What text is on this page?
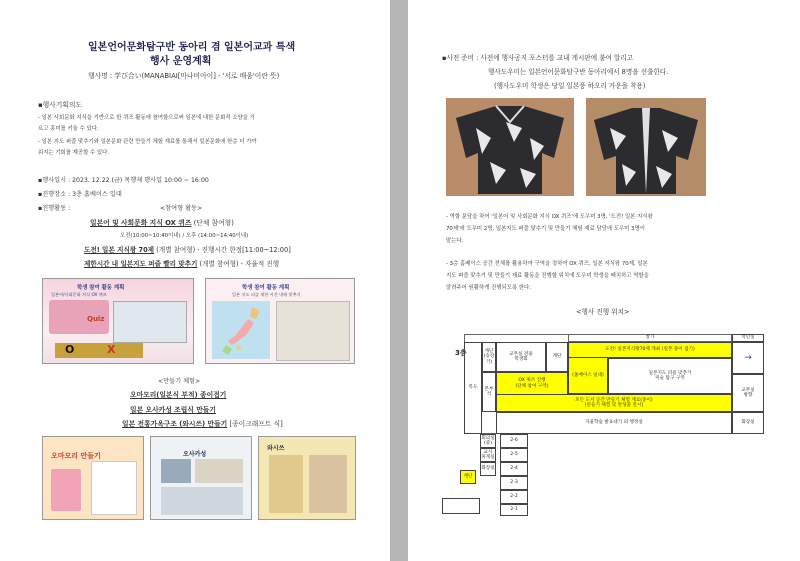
일본언어문화탐구반 동아리 겸 일본어교과 특색

행사 운영계획

행사명 : 学び合い(MANABIAI[마나비아이] - '서로 배움'이란 뜻)

▪행사기획의도

- 일본 사회문화 지식을 기반으로 한 퀴즈 활동에 참여함으로써 일본에 대한 문화적 소양을 기

르고 흥미를 키울 수 있다.

- 일본 지도 퍼즐 맞추기와 일본문화 관련 만들기 체험 재료를 통해서 일본문화에 한층 더 가까

워지는 기회를 제공할 수 있다.

▪행사일시 : 2023. 12.22 (금) 목행제 행사일 10:00 ~ 16:00

▪진행장소 : 3층 홈베이스 일대

▪진행활동 :	<참여형 활동>

일본어 및 사회문화 지식 OX 퀴즈 (단체 참여형)

오전(10:00~10:40이내) / 오후 (14:00~14:40이내)

도전! 일본 지식왕 70제 (개별 참여형) - 진행시간 한정[11:00~12:00]

제한시간 내 일본지도 퍼즐 빨리 맞추기 (개별 참여형) - 자율적 진행

학생 참여 활동 계획

일본어/사회문화 지식 OX 퀴즈

Quiz

O	X

학생 참여 활동 계획

일본 지도 퍼즐 제한 시간 내에 맞추기

<만들기 체험>

오마모리(일본식 부적) 종이접기

일본 오사카성 조립식 만들기

일본 전통가옥구조 (와시쓰) 만들기 [종이크래프트 식]

오마모리 만들기	오사카성

와시쓰

▪사전 준비 : 사전에 행사공지 포스터를 교내 게시판에 붙여 알리고

행사도우미는 일본언어문화탐구반 동아리에서 8명을 선출한다.

(행사도우미 학생은 당일 일본풍 하오리 가운을 착용)

- 역할 분담을 하여 '일본어 및 사회문화 지식 OX 퀴즈'에 도우미 3명, '도전! 일본 지식왕

70제'에 도우미 2명, 일본지도 퍼즐 맞추기 및 만들기 체험 재료 담당에 도우미 3명이

맡는다.

- 3층 홈베이스 공간 전체를 활용하여 구역을 정하여 OX 퀴즈, 일본 지식왕 70제, 일본

지도 퍼즐 맞추기 및 만들기 재료 활동을 진행할 위치에 도우미 학생을 배치하고 역할을

알려주어 원활하게 진행되도록 한다.

<행사 진행 위치>

3층
복도
계단
(승강기)
교무실 전용
학생회
계단
창가	학년실
도전! 일본지식왕70제 개최 (일본 종이 접기)
(홈베이스 일대)	일본지도 퍼즐 맞추기
미술 탐구 구역
모든 도서 공간 만들기 체험 재료(종이)
[만들기 체험 및 완성품 전시]
OX 퀴즈 진행
(단체 참여 구역)
본부석
자율학습 발표대기 외 행정실
→
교무실
방향
화장실
회의실
(중)
교사
휴게실
화장실
계단
2-6
2-5
2-4
2-3
2-2
2-1
